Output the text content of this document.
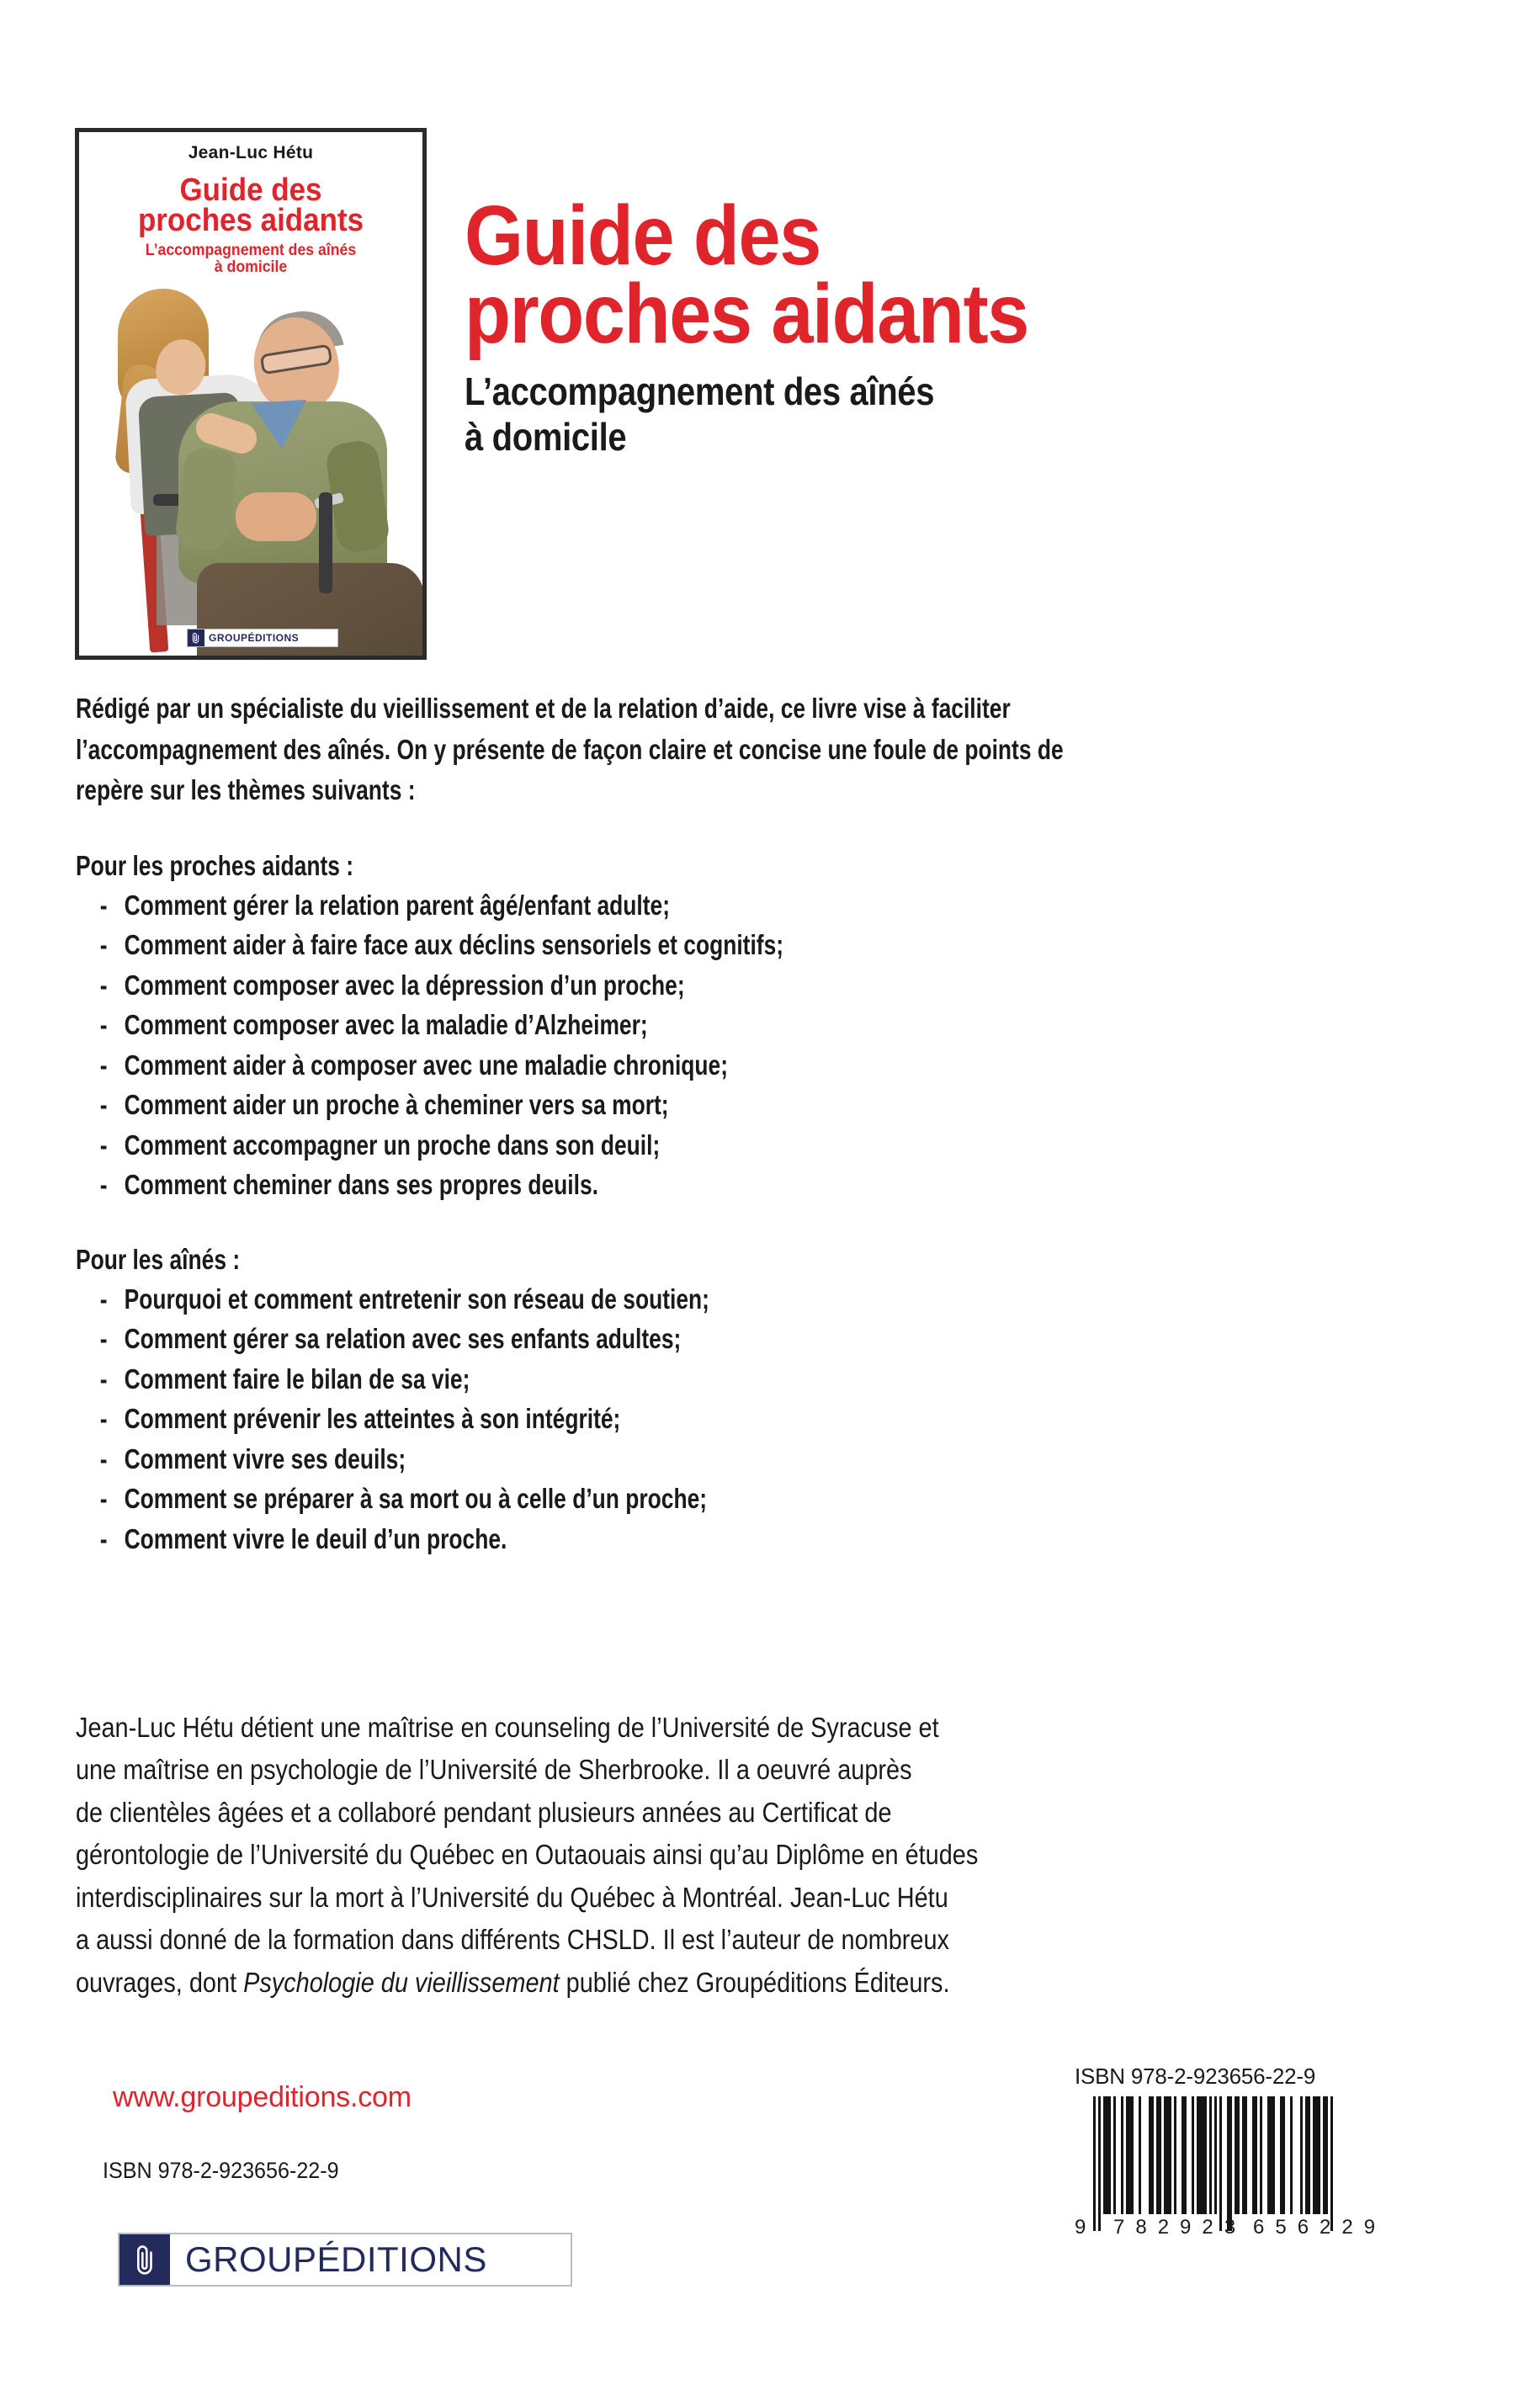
Jean-Luc Hétu
Guide des
proches aidants
L’accompagnement des aînés
à domicile
GROUPÉDITIONS
Guide des
proches aidants
L’accompagnement des aînés
à domicile
Rédigé par un spécialiste du vieillissement et de la relation d’aide, ce livre vise à faciliter
l’accompagnement des aînés. On y présente de façon claire et concise une foule de points de
repère sur les thèmes suivants :
Pour les proches aidants :
- Comment gérer la relation parent âgé/enfant adulte;
- Comment aider à faire face aux déclins sensoriels et cognitifs;
- Comment composer avec la dépression d’un proche;
- Comment composer avec la maladie d’Alzheimer;
- Comment aider à composer avec une maladie chronique;
- Comment aider un proche à cheminer vers sa mort;
- Comment accompagner un proche dans son deuil;
- Comment cheminer dans ses propres deuils.
Pour les aînés :
- Pourquoi et comment entretenir son réseau de soutien;
- Comment gérer sa relation avec ses enfants adultes;
- Comment faire le bilan de sa vie;
- Comment prévenir les atteintes à son intégrité;
- Comment vivre ses deuils;
- Comment se préparer à sa mort ou à celle d’un proche;
- Comment vivre le deuil d’un proche.
Jean-Luc Hétu détient une maîtrise en counseling de l’Université de Syracuse et
une maîtrise en psychologie de l’Université de Sherbrooke. Il a oeuvré auprès
de clientèles âgées et a collaboré pendant plusieurs années au Certificat de
gérontologie de l’Université du Québec en Outaouais ainsi qu’au Diplôme en études
interdisciplinaires sur la mort à l’Université du Québec à Montréal. Jean-Luc Hétu
a aussi donné de la formation dans différents CHSLD. Il est l’auteur de nombreux
ouvrages, dont Psychologie du vieillissement publié chez Groupéditions Éditeurs.
www.groupeditions.com
ISBN 978-2-923656-22-9
GROUPÉDITIONS
ISBN 978-2-923656-22-9
9 782923 656229
